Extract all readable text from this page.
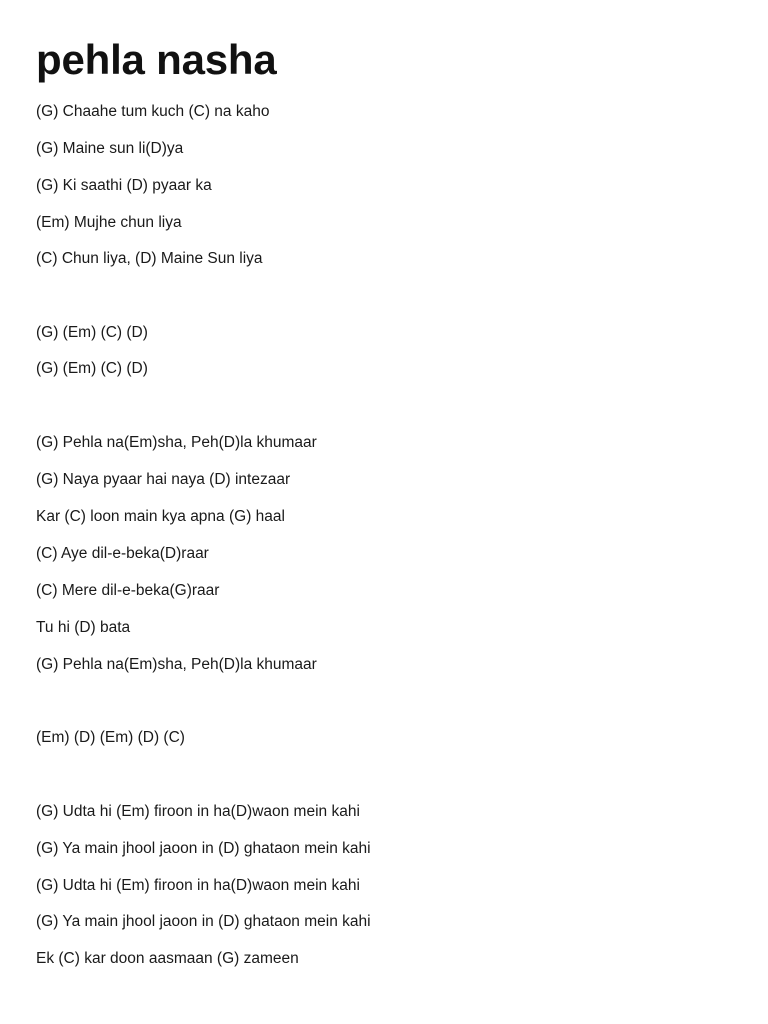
pehla nasha
(G) Chaahe tum kuch (C) na kaho
(G) Maine sun li(D)ya
(G) Ki saathi (D) pyaar ka
(Em) Mujhe chun liya
(C) Chun liya, (D) Maine Sun liya
(G) (Em) (C) (D)
(G) (Em) (C) (D)
(G) Pehla na(Em)sha, Peh(D)la khumaar
(G) Naya pyaar hai naya (D) intezaar
Kar (C) loon main kya apna (G) haal
(C) Aye dil-e-beka(D)raar
(C) Mere dil-e-beka(G)raar
Tu hi (D) bata
(G) Pehla na(Em)sha, Peh(D)la khumaar
(Em) (D) (Em) (D) (C)
(G) Udta hi (Em) firoon in ha(D)waon mein kahi
(G) Ya main jhool jaoon in (D) ghataon mein kahi
(G) Udta hi (Em) firoon in ha(D)waon mein kahi
(G) Ya main jhool jaoon in (D) ghataon mein kahi
Ek (C) kar doon aasmaan (G) zameen
